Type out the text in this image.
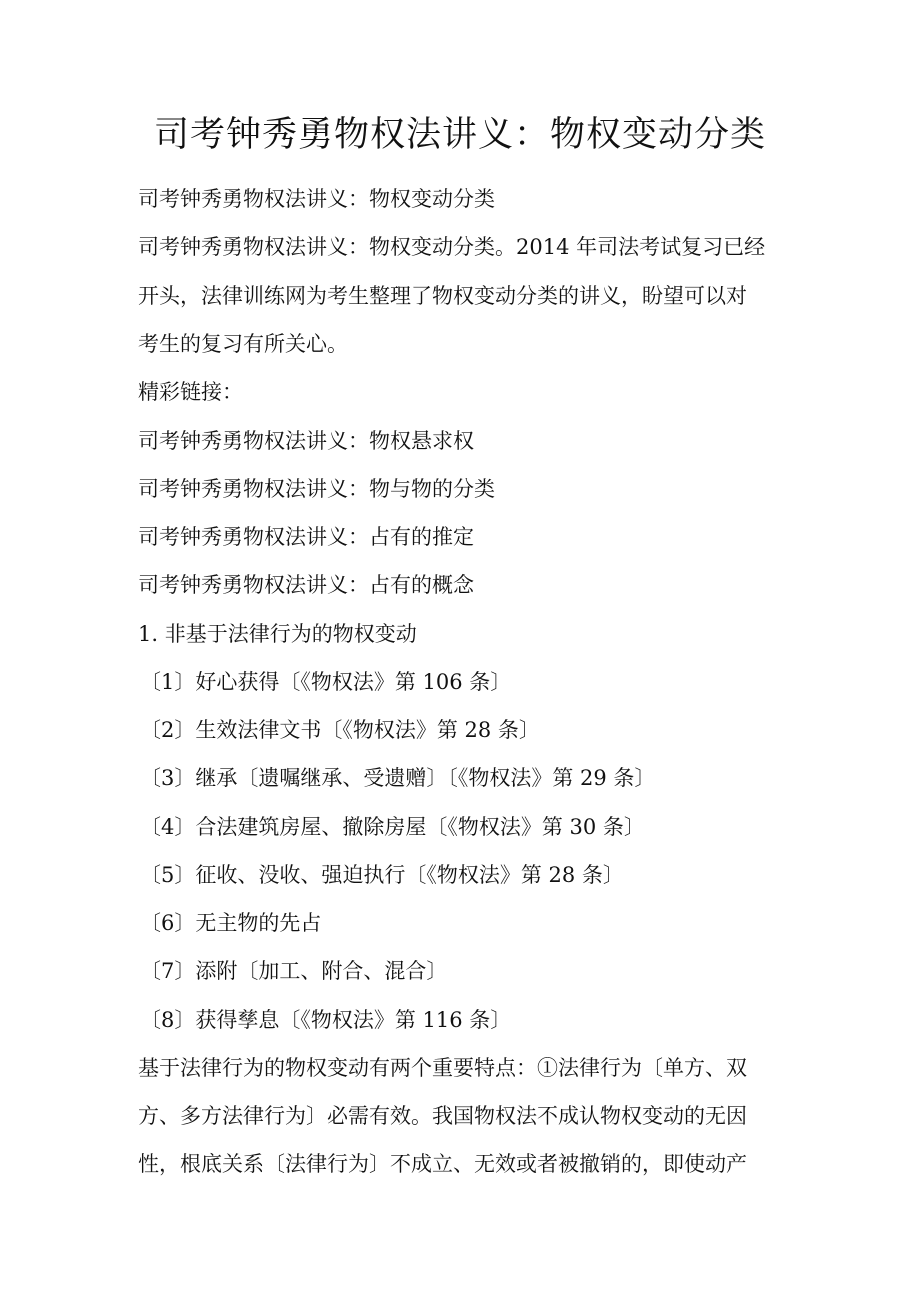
司考钟秀勇物权法讲义：物权变动分类
司考钟秀勇物权法讲义：物权变动分类
司考钟秀勇物权法讲义：物权变动分类。2014 年司法考试复习已经
开头，法律训练网为考生整理了物权变动分类的讲义，盼望可以对
考生的复习有所关心。
精彩链接：
司考钟秀勇物权法讲义：物权悬求权
司考钟秀勇物权法讲义：物与物的分类
司考钟秀勇物权法讲义：占有的推定
司考钟秀勇物权法讲义：占有的概念
1. 非基于法律行为的物权变动
〔1〕好心获得〔《物权法》第 106 条〕
〔2〕生效法律文书〔《物权法》第 28 条〕
〔3〕继承〔遗嘱继承、受遗赠〕〔《物权法》第 29 条〕
〔4〕合法建筑房屋、撤除房屋〔《物权法》第 30 条〕
〔5〕征收、没收、强迫执行〔《物权法》第 28 条〕
〔6〕无主物的先占
〔7〕添附〔加工、附合、混合〕
〔8〕获得孳息〔《物权法》第 116 条〕
基于法律行为的物权变动有两个重要特点：①法律行为〔单方、双
方、多方法律行为〕必需有效。我国物权法不成认物权变动的无因
性，根底关系〔法律行为〕不成立、无效或者被撤销的，即使动产
